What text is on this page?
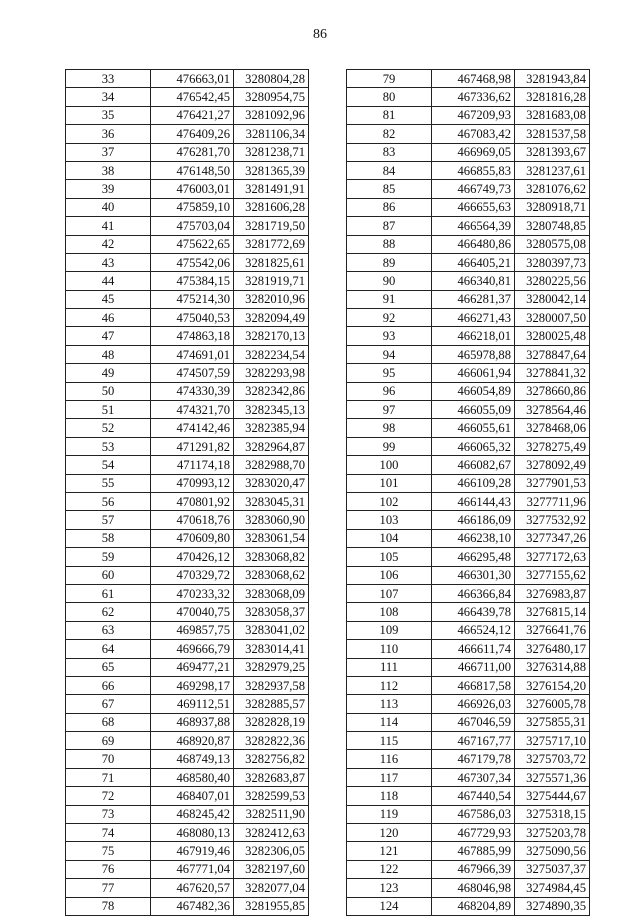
86
33	476663,01	3280804,28
34	476542,45	3280954,75
35	476421,27	3281092,96
36	476409,26	3281106,34
37	476281,70	3281238,71
38	476148,50	3281365,39
39	476003,01	3281491,91
40	475859,10	3281606,28
41	475703,04	3281719,50
42	475622,65	3281772,69
43	475542,06	3281825,61
44	475384,15	3281919,71
45	475214,30	3282010,96
46	475040,53	3282094,49
47	474863,18	3282170,13
48	474691,01	3282234,54
49	474507,59	3282293,98
50	474330,39	3282342,86
51	474321,70	3282345,13
52	474142,46	3282385,94
53	471291,82	3282964,87
54	471174,18	3282988,70
55	470993,12	3283020,47
56	470801,92	3283045,31
57	470618,76	3283060,90
58	470609,80	3283061,54
59	470426,12	3283068,82
60	470329,72	3283068,62
61	470233,32	3283068,09
62	470040,75	3283058,37
63	469857,75	3283041,02
64	469666,79	3283014,41
65	469477,21	3282979,25
66	469298,17	3282937,58
67	469112,51	3282885,57
68	468937,88	3282828,19
69	468920,87	3282822,36
70	468749,13	3282756,82
71	468580,40	3282683,87
72	468407,01	3282599,53
73	468245,42	3282511,90
74	468080,13	3282412,63
75	467919,46	3282306,05
76	467771,04	3282197,60
77	467620,57	3282077,04
78	467482,36	3281955,85
79	467468,98	3281943,84
80	467336,62	3281816,28
81	467209,93	3281683,08
82	467083,42	3281537,58
83	466969,05	3281393,67
84	466855,83	3281237,61
85	466749,73	3281076,62
86	466655,63	3280918,71
87	466564,39	3280748,85
88	466480,86	3280575,08
89	466405,21	3280397,73
90	466340,81	3280225,56
91	466281,37	3280042,14
92	466271,43	3280007,50
93	466218,01	3280025,48
94	465978,88	3278847,64
95	466061,94	3278841,32
96	466054,89	3278660,86
97	466055,09	3278564,46
98	466055,61	3278468,06
99	466065,32	3278275,49
100	466082,67	3278092,49
101	466109,28	3277901,53
102	466144,43	3277711,96
103	466186,09	3277532,92
104	466238,10	3277347,26
105	466295,48	3277172,63
106	466301,30	3277155,62
107	466366,84	3276983,87
108	466439,78	3276815,14
109	466524,12	3276641,76
110	466611,74	3276480,17
111	466711,00	3276314,88
112	466817,58	3276154,20
113	466926,03	3276005,78
114	467046,59	3275855,31
115	467167,77	3275717,10
116	467179,78	3275703,72
117	467307,34	3275571,36
118	467440,54	3275444,67
119	467586,03	3275318,15
120	467729,93	3275203,78
121	467885,99	3275090,56
122	467966,39	3275037,37
123	468046,98	3274984,45
124	468204,89	3274890,35
